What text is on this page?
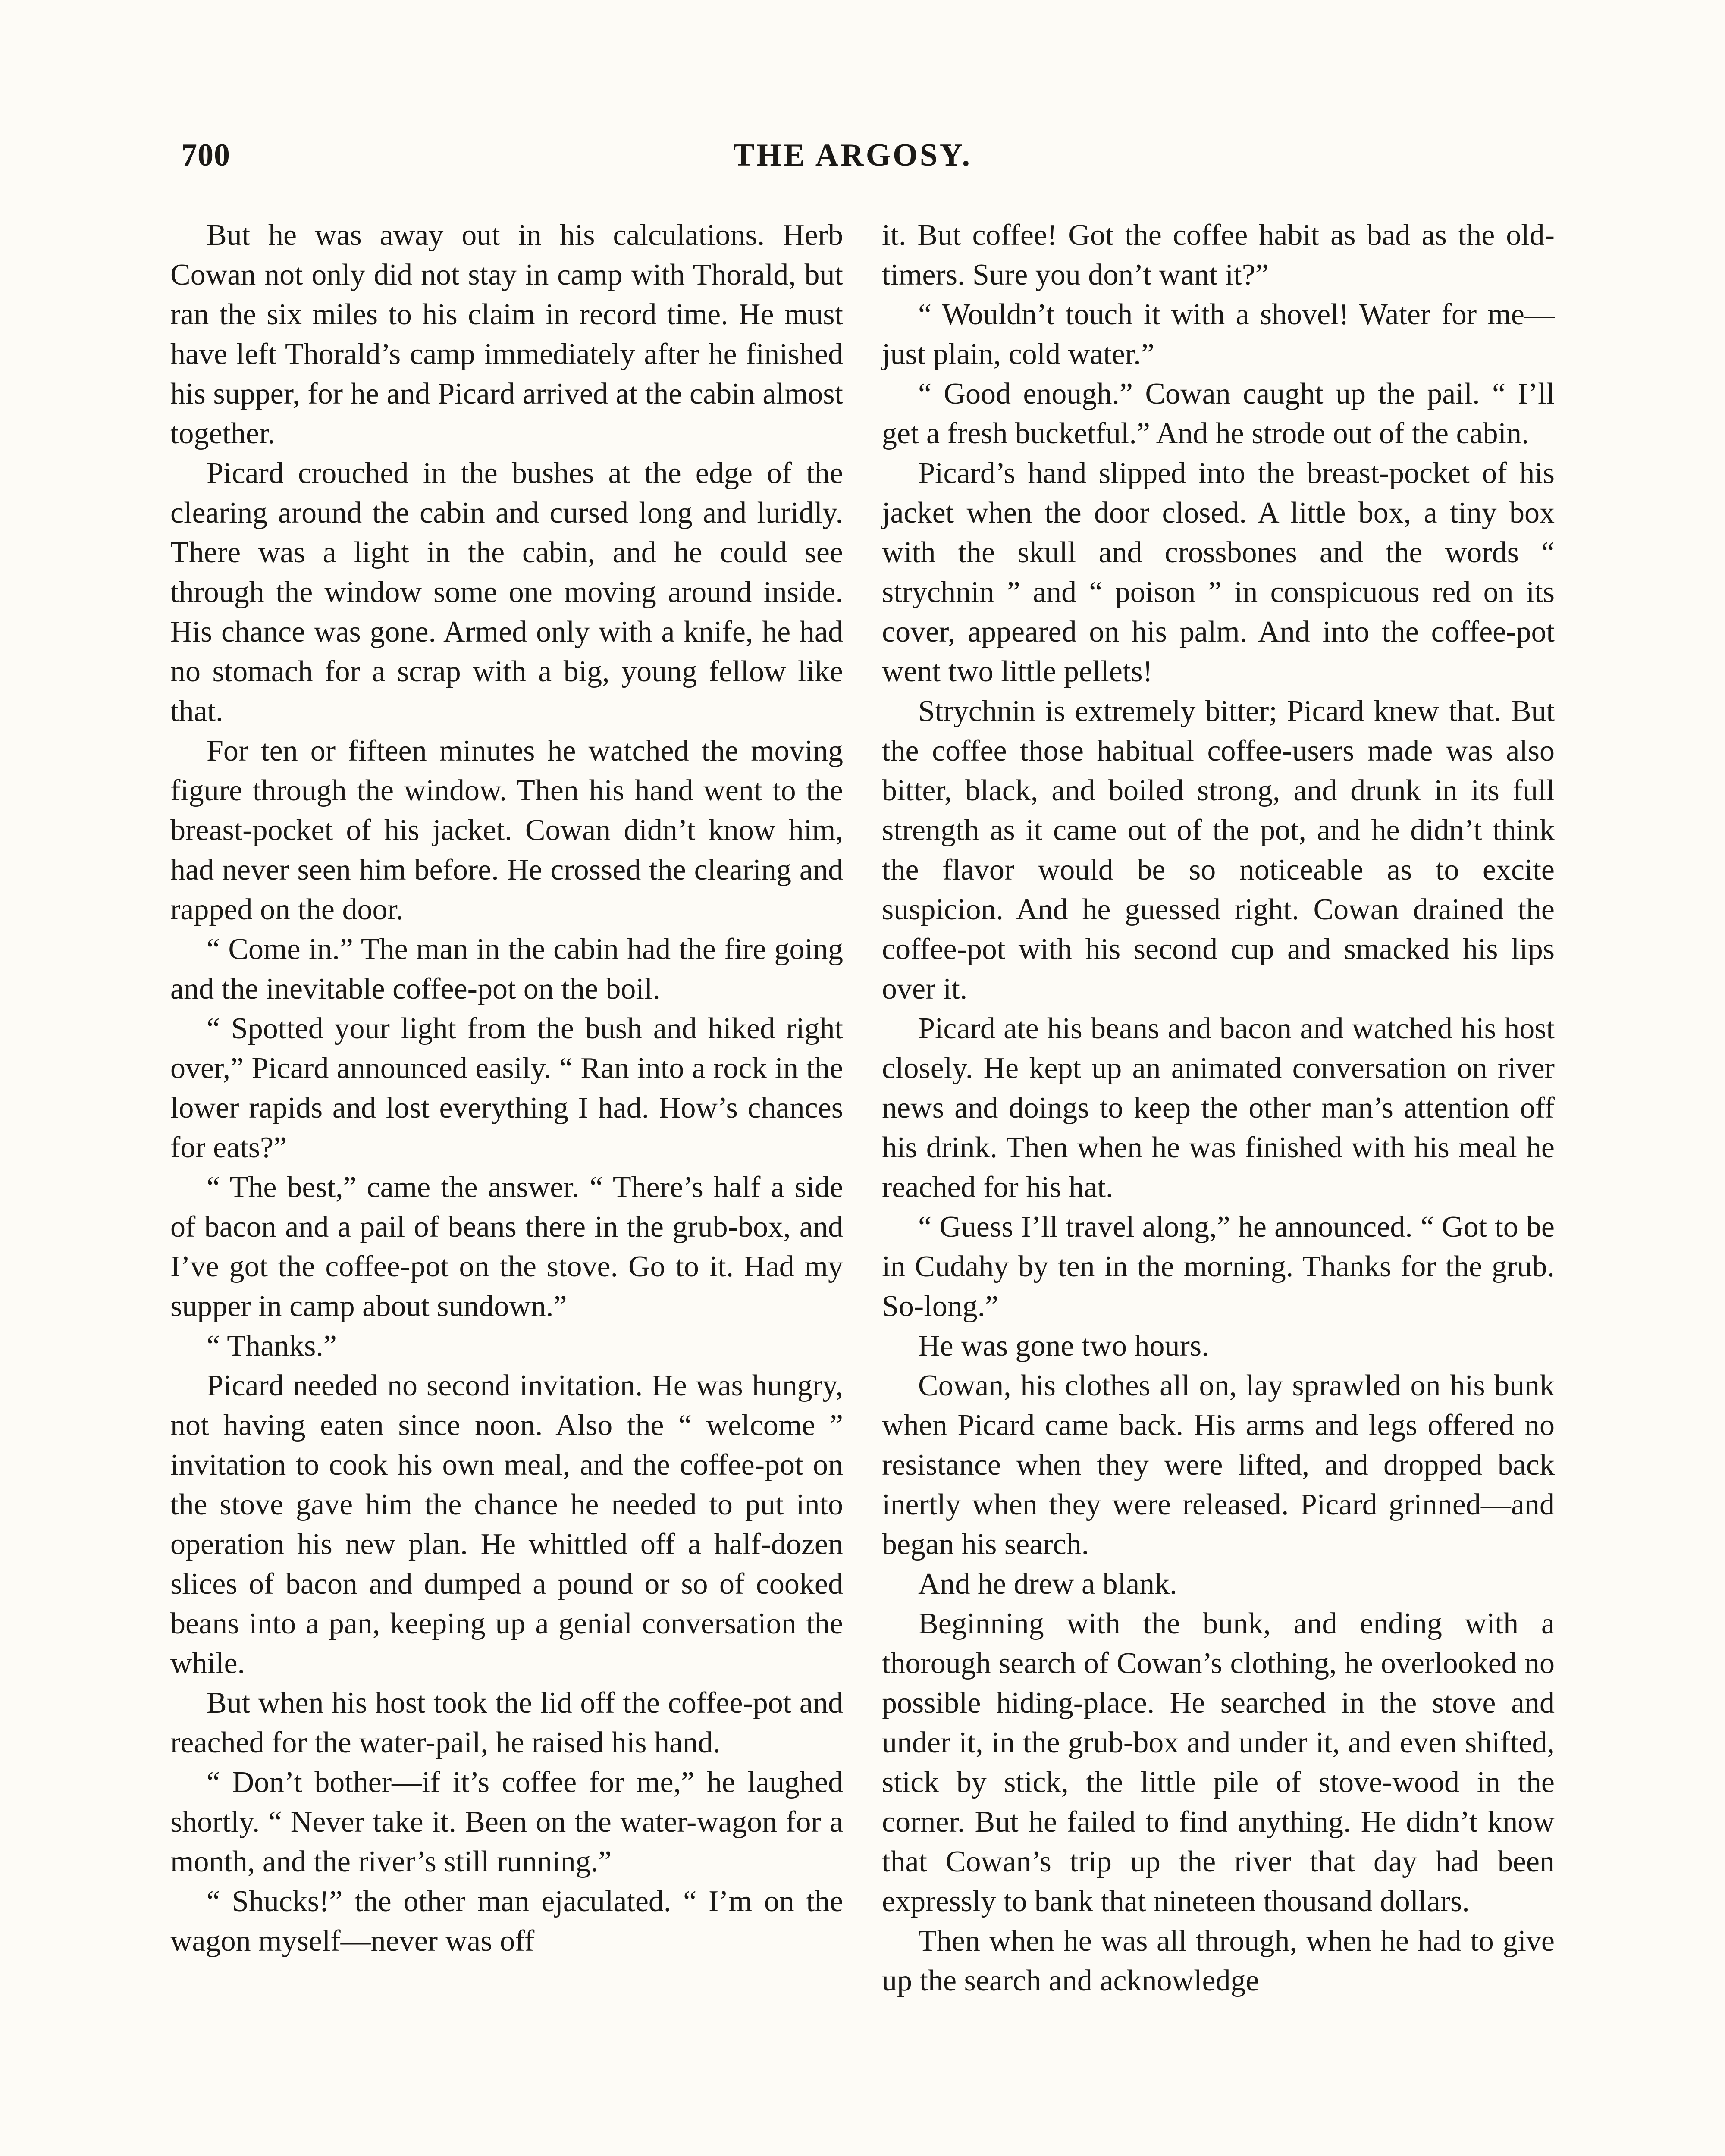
700	THE ARGOSY.

But he was away out in his calculations. Herb Cowan not only did not stay in camp with Thorald, but ran the six miles to his claim in record time. He must have left Thorald’s camp immediately after he finished his supper, for he and Picard arrived at the cabin almost together.

Picard crouched in the bushes at the edge of the clearing around the cabin and cursed long and luridly. There was a light in the cabin, and he could see through the window some one moving around inside. His chance was gone. Armed only with a knife, he had no stomach for a scrap with a big, young fellow like that.

For ten or fifteen minutes he watched the moving figure through the window. Then his hand went to the breast-pocket of his jacket. Cowan didn’t know him, had never seen him before. He crossed the clearing and rapped on the door.

“ Come in.” The man in the cabin had the fire going and the inevitable coffee-pot on the boil.

“ Spotted your light from the bush and hiked right over,” Picard announced easily. “ Ran into a rock in the lower rapids and lost everything I had. How’s chances for eats?”

“ The best,” came the answer. “ There’s half a side of bacon and a pail of beans there in the grub-box, and I’ve got the coffee-pot on the stove. Go to it. Had my supper in camp about sundown.”

“ Thanks.”

Picard needed no second invitation. He was hungry, not having eaten since noon. Also the “ welcome ” invitation to cook his own meal, and the coffee-pot on the stove gave him the chance he needed to put into operation his new plan. He whittled off a half-dozen slices of bacon and dumped a pound or so of cooked beans into a pan, keeping up a genial conversation the while.

But when his host took the lid off the coffee-pot and reached for the water-pail, he raised his hand.

“ Don’t bother—if it’s coffee for me,” he laughed shortly. “ Never take it. Been on the water-wagon for a month, and the river’s still running.”

“ Shucks!” the other man ejaculated. “ I’m on the wagon myself—never was off

it. But coffee! Got the coffee habit as bad as the old-timers. Sure you don’t want it?”

“ Wouldn’t touch it with a shovel! Water for me—just plain, cold water.”

“ Good enough.” Cowan caught up the pail. “ I’ll get a fresh bucketful.” And he strode out of the cabin.

Picard’s hand slipped into the breast-pocket of his jacket when the door closed. A little box, a tiny box with the skull and crossbones and the words “ strychnin ” and “ poison ” in conspicuous red on its cover, appeared on his palm. And into the coffee-pot went two little pellets!

Strychnin is extremely bitter; Picard knew that. But the coffee those habitual coffee-users made was also bitter, black, and boiled strong, and drunk in its full strength as it came out of the pot, and he didn’t think the flavor would be so noticeable as to excite suspicion. And he guessed right. Cowan drained the coffee-pot with his second cup and smacked his lips over it.

Picard ate his beans and bacon and watched his host closely. He kept up an animated conversation on river news and doings to keep the other man’s attention off his drink. Then when he was finished with his meal he reached for his hat.

“ Guess I’ll travel along,” he announced. “ Got to be in Cudahy by ten in the morning. Thanks for the grub. So-long.”

He was gone two hours.

Cowan, his clothes all on, lay sprawled on his bunk when Picard came back. His arms and legs offered no resistance when they were lifted, and dropped back inertly when they were released. Picard grinned—and began his search.

And he drew a blank.

Beginning with the bunk, and ending with a thorough search of Cowan’s clothing, he overlooked no possible hiding-place. He searched in the stove and under it, in the grub-box and under it, and even shifted, stick by stick, the little pile of stove-wood in the corner. But he failed to find anything. He didn’t know that Cowan’s trip up the river that day had been expressly to bank that nineteen thousand dollars.

Then when he was all through, when he had to give up the search and acknowledge
